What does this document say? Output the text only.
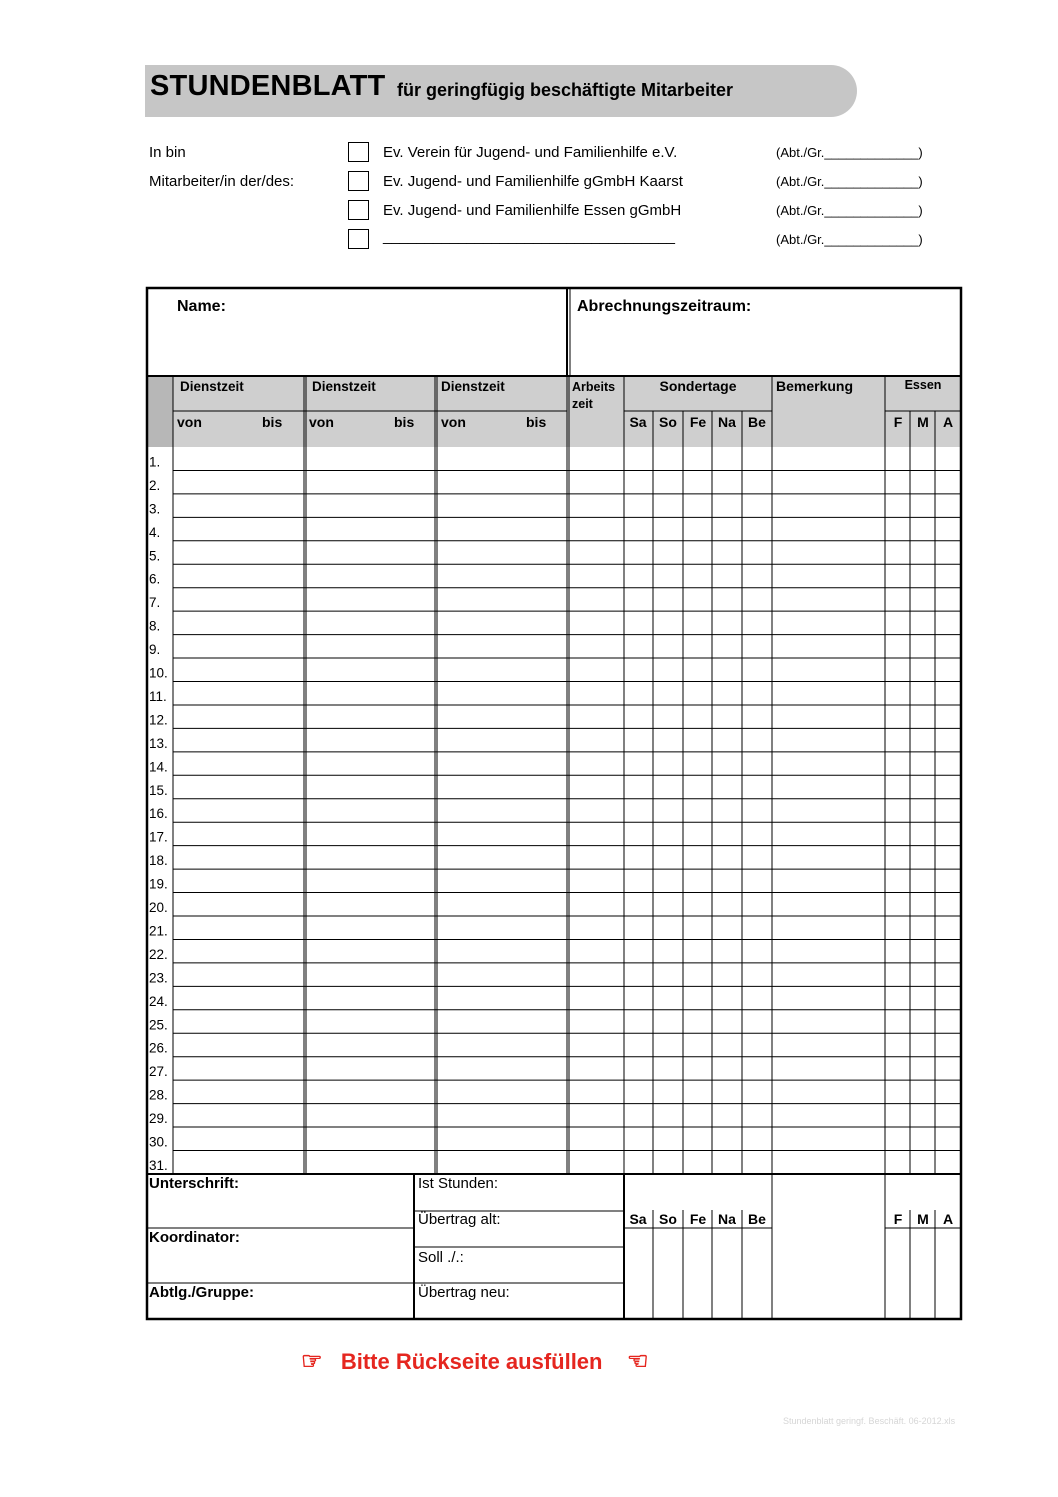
STUNDENBLATT für geringfügig beschäftigte Mitarbeiter
In bin
Mitarbeiter/in der/des:
Ev. Verein für Jugend- und Familienhilfe e.V.	(Abt./Gr._____________)
Ev. Jugend- und Familienhilfe gGmbH Kaarst	(Abt./Gr._____________)
Ev. Jugend- und Familienhilfe Essen gGmbH	(Abt./Gr._____________)
___________________________________	(Abt./Gr._____________)
Name:	Abrechnungszeitraum:
Dienstzeit	Dienstzeit	Dienstzeit
von	bis von	bis von	bis
Arbeits
zeit
Sondertage	Bemerkung	Essen
Sa So Fe Na Be	F M A
1.
2.
3.
4.
5.
6.
7.
8.
9.
10.
11.
12.
13.
14.
15.
16.
17.
18.
19.
20.
21.
22.
23.
24.
25.
26.
27.
28.
29.
30.
31.
Unterschrift:
Koordinator:
Abtlg./Gruppe:
Ist Stunden:
Übertrag alt:
Soll ./.:
Übertrag neu:
Sa So Fe Na Be	F M A
☞ Bitte Rückseite ausfüllen ☜
Stundenblatt geringf. Beschäft. 06-2012.xls
